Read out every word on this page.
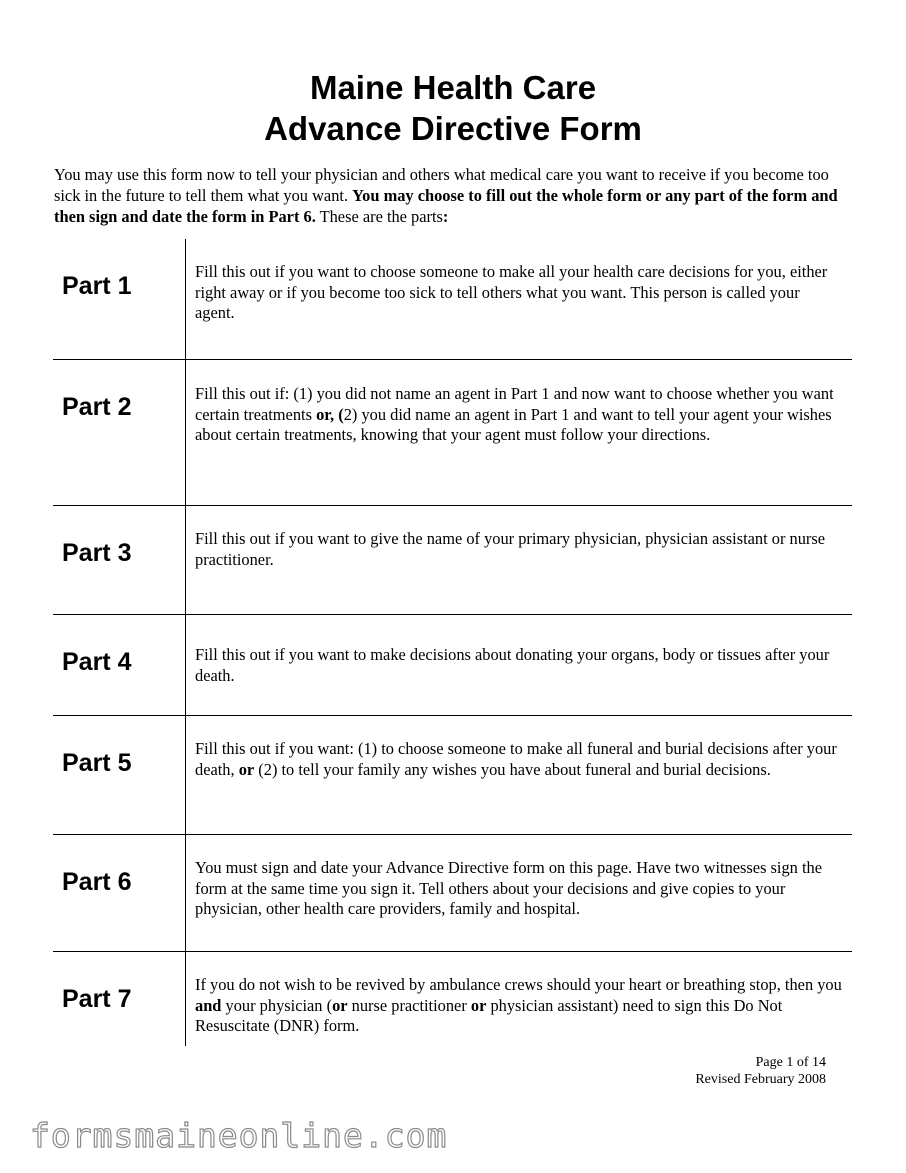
Maine Health Care
Advance Directive Form

You may use this form now to tell your physician and others what medical care you want to receive if you become too sick in the future to tell them what you want. You may choose to fill out the whole form or any part of the form and then sign and date the form in Part 6. These are the parts:

Part 1

Fill this out if you want to choose someone to make all your health care decisions for you, either right away or if you become too sick to tell others what you want. This person is called your agent.

Part 2	Fill this out if: (1) you did not name an agent in Part 1 and now want to choose whether you want certain treatments or, (2) you did name an agent in Part 1 and want to tell your agent your wishes about certain treatments, knowing that your agent must follow your directions.

Part 3

Fill this out if you want to give the name of your primary physician, physician assistant or nurse practitioner.

Part 4	Fill this out if you want to make decisions about donating your organs, body or tissues after your death.

Part 5

Fill this out if you want: (1) to choose someone to make all funeral and burial decisions after your death, or (2) to tell your family any wishes you have about funeral and burial decisions.

Part 6

You must sign and date your Advance Directive form on this page. Have two witnesses sign the form at the same time you sign it. Tell others about your decisions and give copies to your physician, other health care providers, family and hospital.

Part 7

If you do not wish to be revived by ambulance crews should your heart or breathing stop, then you and your physician (or nurse practitioner or physician assistant) need to sign this Do Not Resuscitate (DNR) form.

Page 1 of 14
Revised February 2008
formsmaineonline.com
